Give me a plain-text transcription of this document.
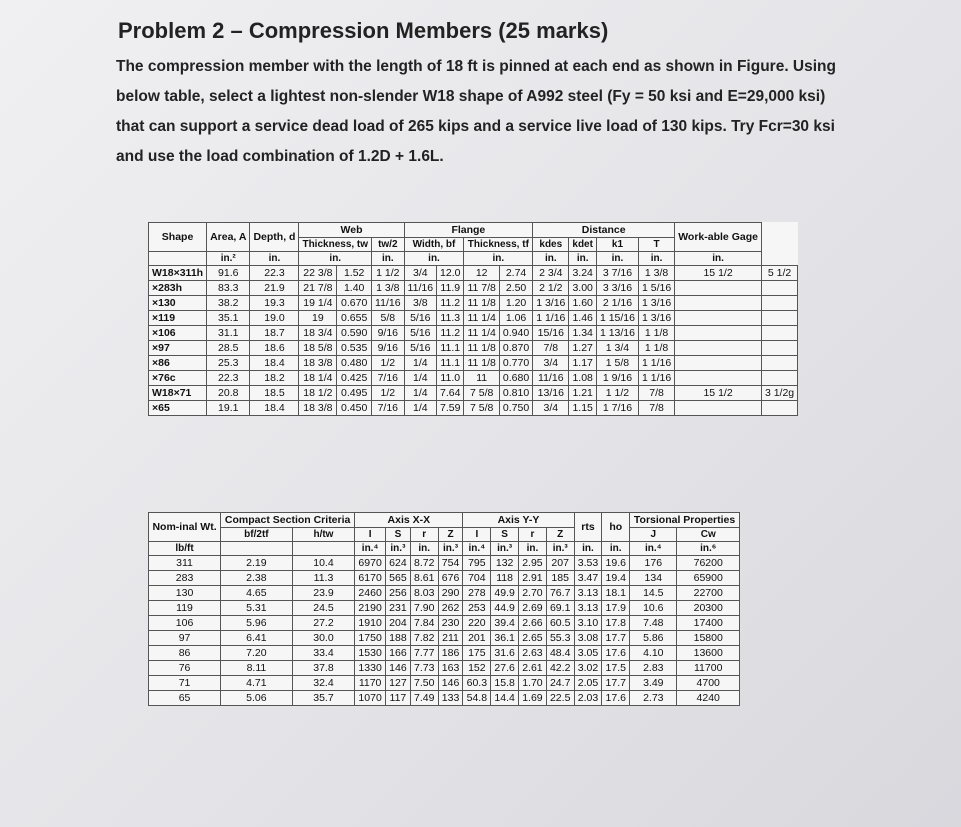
Problem 2 – Compression Members (25 marks)
The compression member with the length of 18 ft is pinned at each end as shown in Figure. Using
below table, select a lightest non-slender W18 shape of A992 steel (Fy = 50 ksi and E=29,000 ksi)
that can support a service dead load of 265 kips and a service live load of 130 kips. Try Fcr=30 ksi
and use the load combination of 1.2D + 1.6L.
Shape	Area, A	Depth, d	Web			Flange				Distance				Work-able Gage	
			Thickness, tw		tw/2	Width, bf		Thickness, tf		kdes	kdet	k1	T		
	in.²	in.	in.		in.	in.		in.		in.	in.	in.	in.	in.	
W18×311h	91.6	22.3	22 3/8	1.52	1 1/2	3/4	12.0	12	2.74	2 3/4	3.24	3 7/16	1 3/8	15 1/2	5 1/2
×283h	83.3	21.9	21 7/8	1.40	1 3/8	11/16	11.9	11 7/8	2.50	2 1/2	3.00	3 3/16	1 5/16		
×130	38.2	19.3	19 1/4	0.670	11/16	3/8	11.2	11 1/8	1.20	1 3/16	1.60	2 1/16	1 3/16		
×119	35.1	19.0	19	0.655	5/8	5/16	11.3	11 1/4	1.06	1 1/16	1.46	1 15/16	1 3/16		
×106	31.1	18.7	18 3/4	0.590	9/16	5/16	11.2	11 1/4	0.940	15/16	1.34	1 13/16	1 1/8		
×97	28.5	18.6	18 5/8	0.535	9/16	5/16	11.1	11 1/8	0.870	7/8	1.27	1 3/4	1 1/8		
×86	25.3	18.4	18 3/8	0.480	1/2	1/4	11.1	11 1/8	0.770	3/4	1.17	1 5/8	1 1/16		
×76c	22.3	18.2	18 1/4	0.425	7/16	1/4	11.0	11	0.680	11/16	1.08	1 9/16	1 1/16		
W18×71	20.8	18.5	18 1/2	0.495	1/2	1/4	7.64	7 5/8	0.810	13/16	1.21	1 1/2	7/8	15 1/2	3 1/2g
×65	19.1	18.4	18 3/8	0.450	7/16	1/4	7.59	7 5/8	0.750	3/4	1.15	1 7/16	7/8		
Nom-inal Wt.	Compact Section Criteria		Axis X-X				Axis Y-Y				rts	ho	Torsional Properties	
	bf/2tf	h/tw	I	S	r	Z	I	S	r	Z			J	Cw
lb/ft			in.⁴	in.³	in.	in.³	in.⁴	in.³	in.	in.³	in.	in.	in.⁴	in.⁶
311	2.19	10.4	6970	624	8.72	754	795	132	2.95	207	3.53	19.6	176	76200
283	2.38	11.3	6170	565	8.61	676	704	118	2.91	185	3.47	19.4	134	65900
130	4.65	23.9	2460	256	8.03	290	278	49.9	2.70	76.7	3.13	18.1	14.5	22700
119	5.31	24.5	2190	231	7.90	262	253	44.9	2.69	69.1	3.13	17.9	10.6	20300
106	5.96	27.2	1910	204	7.84	230	220	39.4	2.66	60.5	3.10	17.8	7.48	17400
97	6.41	30.0	1750	188	7.82	211	201	36.1	2.65	55.3	3.08	17.7	5.86	15800
86	7.20	33.4	1530	166	7.77	186	175	31.6	2.63	48.4	3.05	17.6	4.10	13600
76	8.11	37.8	1330	146	7.73	163	152	27.6	2.61	42.2	3.02	17.5	2.83	11700
71	4.71	32.4	1170	127	7.50	146	60.3	15.8	1.70	24.7	2.05	17.7	3.49	4700
65	5.06	35.7	1070	117	7.49	133	54.8	14.4	1.69	22.5	2.03	17.6	2.73	4240
